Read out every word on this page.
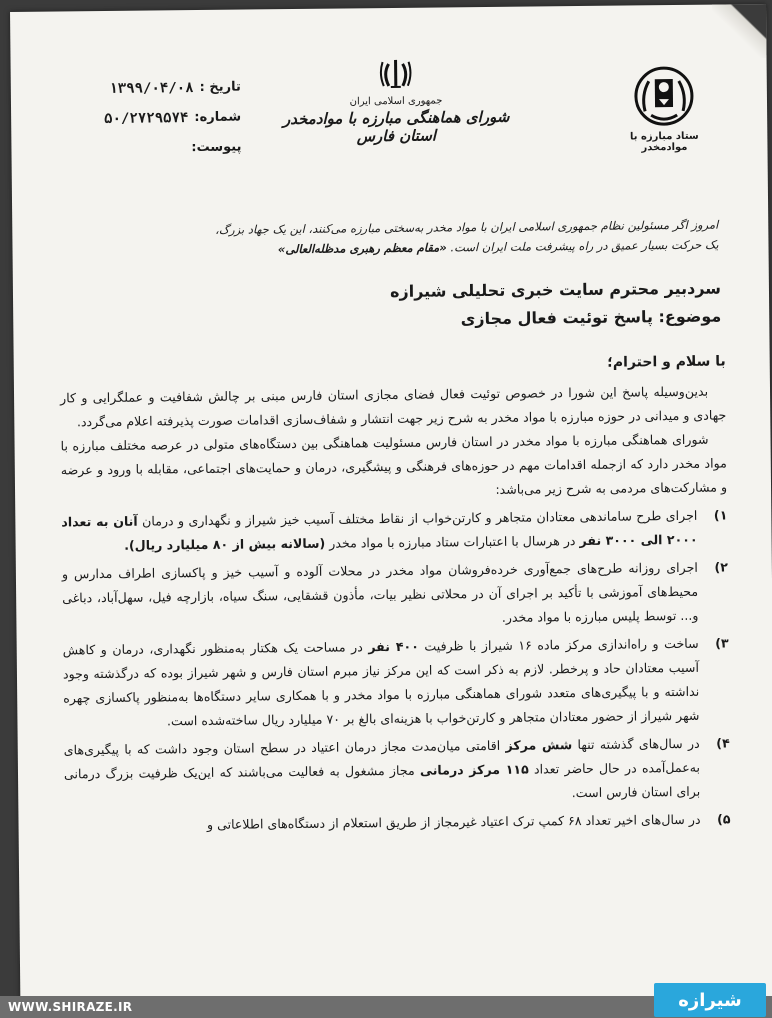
ستاد مبارزه با موادمخدر
جمهوری اسلامی ایران
شورای هماهنگی مبارزه با موادمخدر استان فارس
تاریخ :
۱۳۹۹/۰۴/۰۸
شماره:
۵۰/۲۷۲۹۵۷۴
پیوست:
امروز اگر مسئولین نظام جمهوری اسلامی ایران با مواد مخدر به‌سختی مبارزه می‌کنند، این یک جهاد بزرگ،
یک حرکت بسیار عمیق در راه پیشرفت ملت ایران است. «مقام معظم رهبری مدظله‌العالی»
سردبیر محترم سایت خبری تحلیلی شیرازه
موضوع: پاسخ توئیت فعال مجازی
با سلام و احترام؛

بدین‌وسیله پاسخ این شورا در خصوص توئیت فعال فضای مجازی استان فارس مبنی بر چالش شفافیت و عملگرایی و کار جهادی و میدانی در حوزه مبارزه با مواد مخدر به شرح زیر جهت انتشار و شفاف‌سازی اقدامات صورت پذیرفته اعلام می‌گردد.

شورای هماهنگی مبارزه با مواد مخدر در استان فارس مسئولیت هماهنگی بین دستگاه‌های متولی در عرصه مختلف مبارزه با مواد مخدر دارد که ازجمله اقدامات مهم در حوزه‌های فرهنگی و پیشگیری، درمان و حمایت‌های اجتماعی، مقابله با ورود و عرضه و مشارکت‌های مردمی به شرح زیر می‌باشد:

۱)
اجرای طرح ساماندهی معتادان متجاهر و کارتن‌خواب از نقاط مختلف آسیب خیز شیراز و نگهداری و درمان آنان به تعداد ۲۰۰۰ الی ۳۰۰۰ نفر در هرسال با اعتبارات ستاد مبارزه با مواد مخدر (سالانه بیش از ۸۰ میلیارد ریال).
۲)
اجرای روزانه طرح‌های جمع‌آوری خرده‌فروشان مواد مخدر در محلات آلوده و آسیب خیز و پاکسازی اطراف مدارس و محیط‌های آموزشی با تأکید بر اجرای آن در محلاتی نظیر بیات، مأذون قشقایی، سنگ سیاه، بازارچه فیل، سهل‌آباد، دباغی و... توسط پلیس مبارزه با مواد مخدر.
۳)
ساخت و راه‌اندازی مرکز ماده ۱۶ شیراز با ظرفیت ۴۰۰ نفر در مساحت یک هکتار به‌منظور نگهداری، درمان و کاهش آسیب معتادان حاد و پرخطر. لازم به ذکر است که این مرکز نیاز مبرم استان فارس و شهر شیراز بوده که درگذشته وجود نداشته و با پیگیری‌های متعدد شورای هماهنگی مبارزه با مواد مخدر و با همکاری سایر دستگاه‌ها به‌منظور پاکسازی چهره شهر شیراز از حضور معتادان متجاهر و کارتن‌خواب با هزینه‌ای بالغ بر ۷۰ میلیارد ریال ساخته‌شده است.
۴)
در سال‌های گذشته تنها شش مرکز اقامتی میان‌مدت مجاز درمان اعتیاد در سطح استان وجود داشت که با پیگیری‌های به‌عمل‌آمده در حال حاضر تعداد ۱۱۵ مرکز درمانی مجاز مشغول به فعالیت می‌باشند که این‌یک ظرفیت بزرگ درمانی برای استان فارس است.
۵)
در سال‌های اخیر تعداد ۶۸ کمپ ترک اعتیاد غیرمجاز از طریق استعلام از دستگاه‌های اطلاعاتی و
WWW.SHIRAZE.IR	شیرازه
